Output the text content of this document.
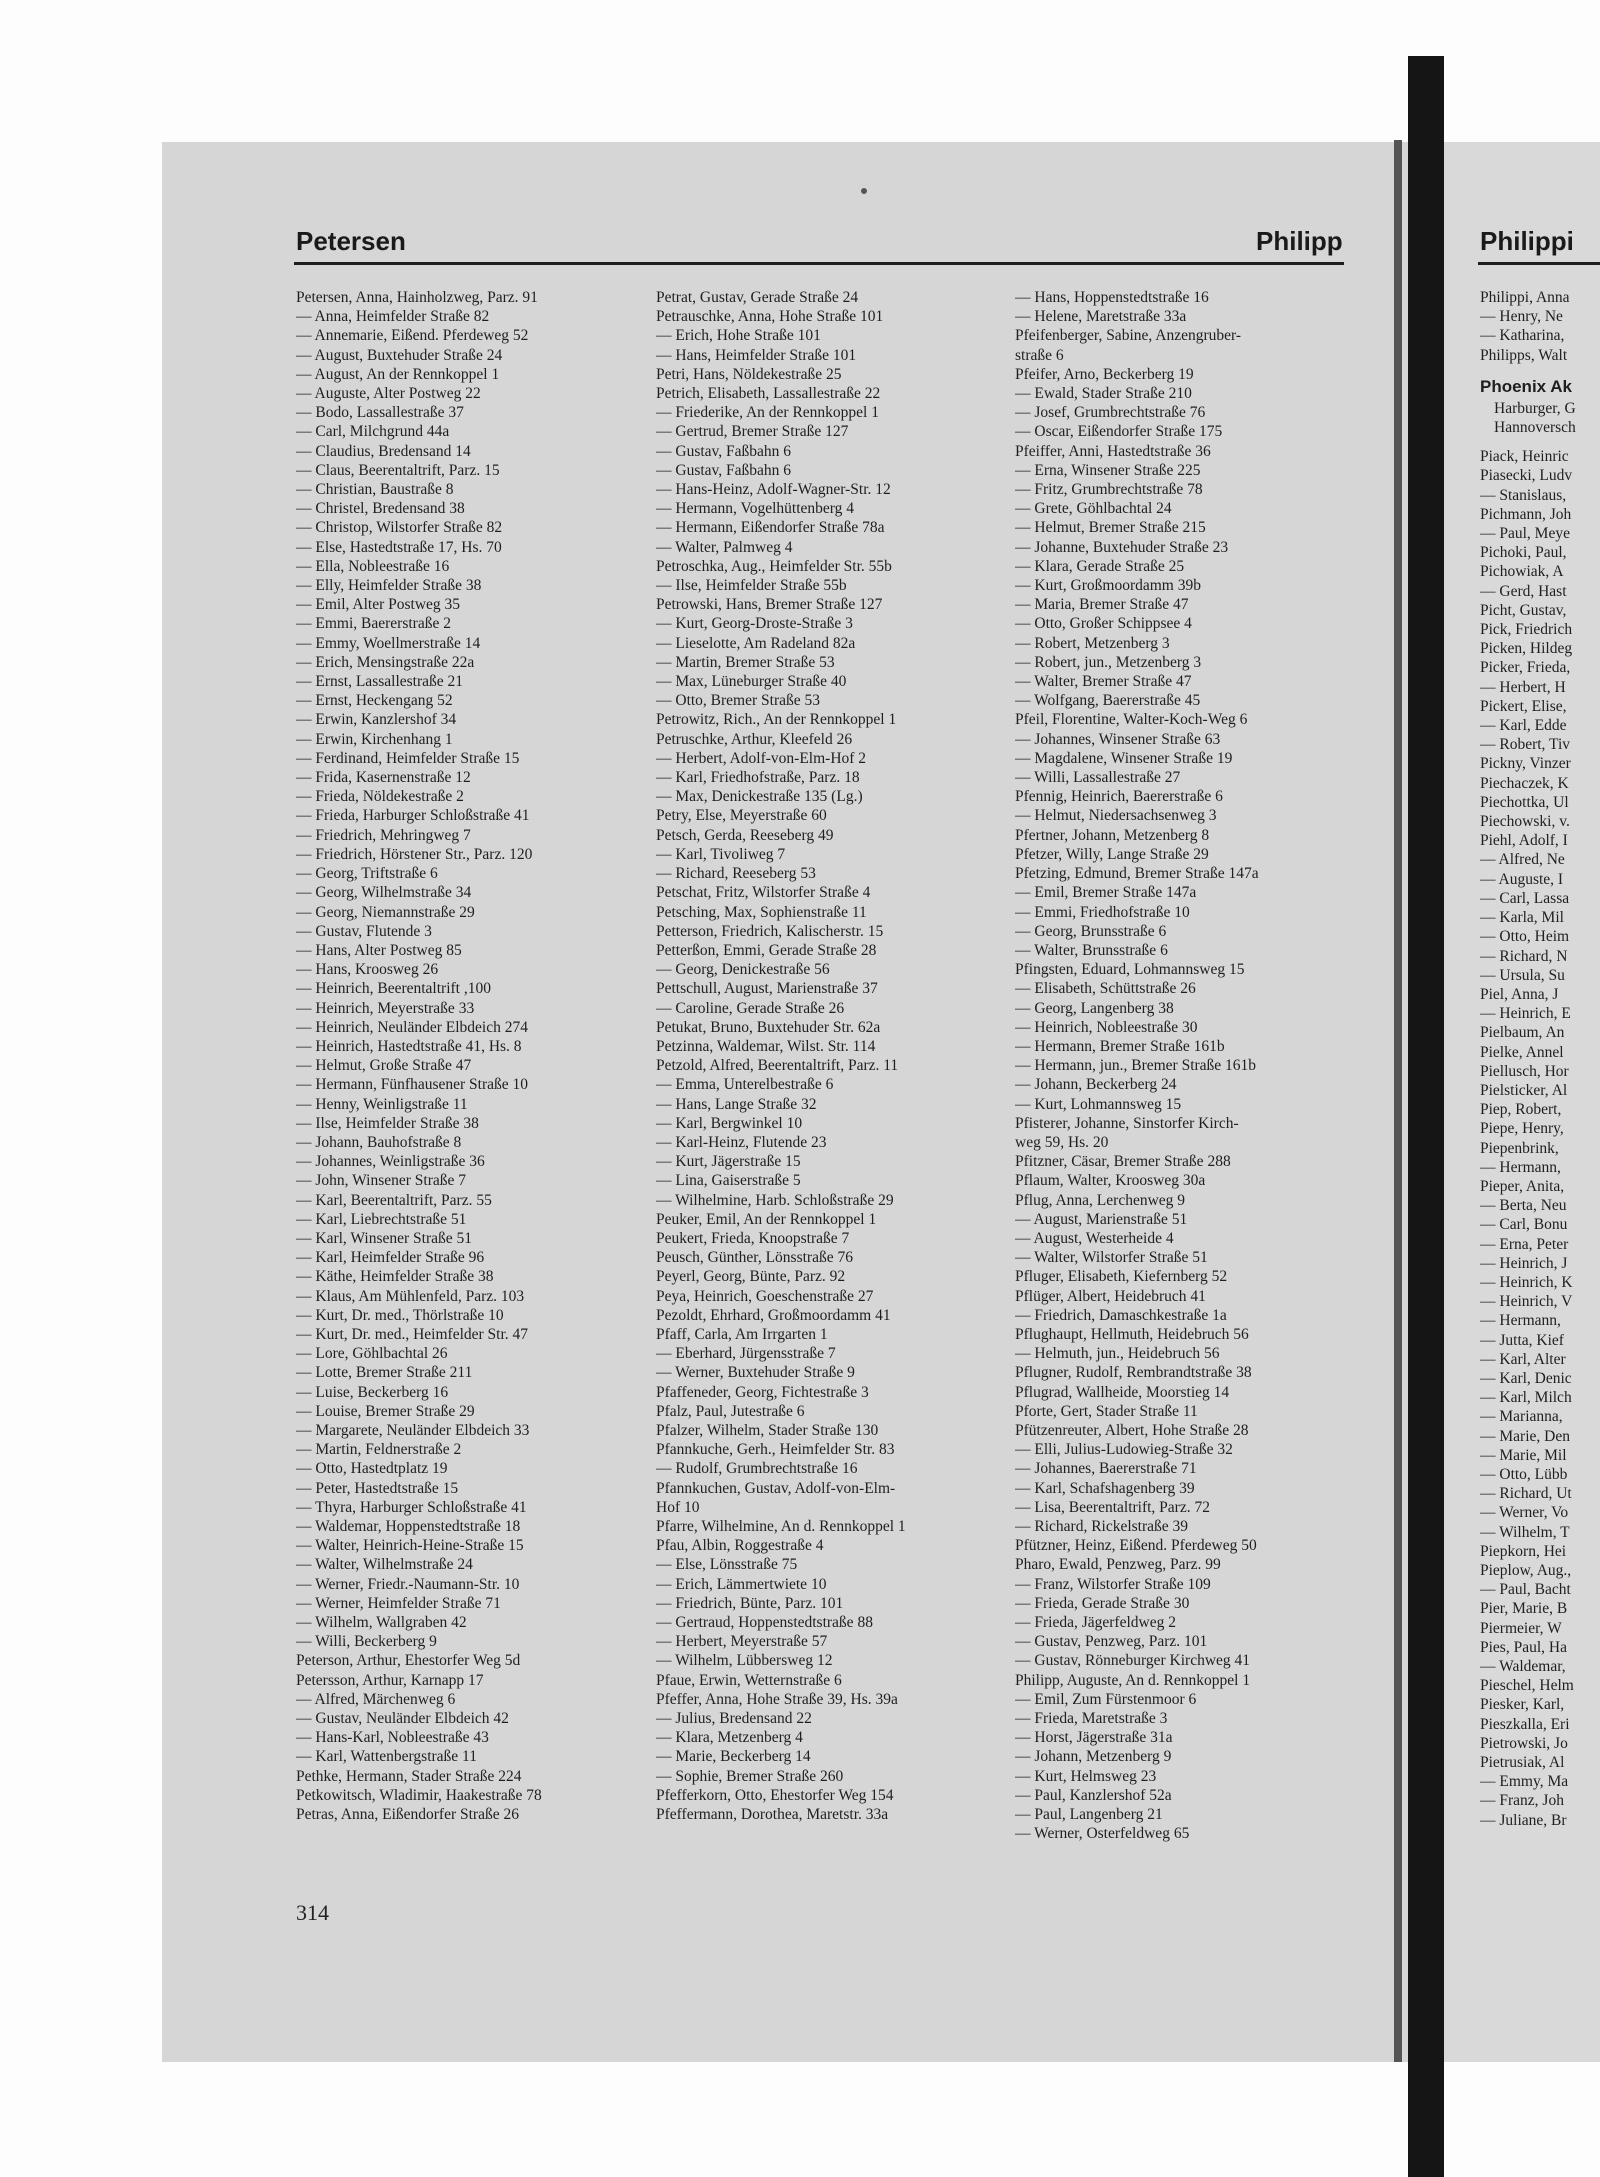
Petersen	Philipp	Philippi
Petersen, Anna, Hainholzweg, Parz. 91
— Anna, Heimfelder Straße 82
— Annemarie, Eißend. Pferdeweg 52
— August, Buxtehuder Straße 24
— August, An der Rennkoppel 1
— Auguste, Alter Postweg 22
— Bodo, Lassallestraße 37
— Carl, Milchgrund 44a
— Claudius, Bredensand 14
— Claus, Beerentaltrift, Parz. 15
— Christian, Baustraße 8
— Christel, Bredensand 38
— Christop, Wilstorfer Straße 82
— Else, Hastedtstraße 17, Hs. 70
— Ella, Nobleestraße 16
— Elly, Heimfelder Straße 38
— Emil, Alter Postweg 35
— Emmi, Baererstraße 2
— Emmy, Woellmerstraße 14
— Erich, Mensingstraße 22a
— Ernst, Lassallestraße 21
— Ernst, Heckengang 52
— Erwin, Kanzlershof 34
— Erwin, Kirchenhang 1
— Ferdinand, Heimfelder Straße 15
— Frida, Kasernenstraße 12
— Frieda, Nöldekestraße 2
— Frieda, Harburger Schloßstraße 41
— Friedrich, Mehringweg 7
— Friedrich, Hörstener Str., Parz. 120
— Georg, Triftstraße 6
— Georg, Wilhelmstraße 34
— Georg, Niemannstraße 29
— Gustav, Flutende 3
— Hans, Alter Postweg 85
— Hans, Kroosweg 26
— Heinrich, Beerentaltrift ,100
— Heinrich, Meyerstraße 33
— Heinrich, Neuländer Elbdeich 274
— Heinrich, Hastedtstraße 41, Hs. 8
— Helmut, Große Straße 47
— Hermann, Fünfhausener Straße 10
— Henny, Weinligstraße 11
— Ilse, Heimfelder Straße 38
— Johann, Bauhofstraße 8
— Johannes, Weinligstraße 36
— John, Winsener Straße 7
— Karl, Beerentaltrift, Parz. 55
— Karl, Liebrechtstraße 51
— Karl, Winsener Straße 51
— Karl, Heimfelder Straße 96
— Käthe, Heimfelder Straße 38
— Klaus, Am Mühlenfeld, Parz. 103
— Kurt, Dr. med., Thörlstraße 10
— Kurt, Dr. med., Heimfelder Str. 47
— Lore, Göhlbachtal 26
— Lotte, Bremer Straße 211
— Luise, Beckerberg 16
— Louise, Bremer Straße 29
— Margarete, Neuländer Elbdeich 33
— Martin, Feldnerstraße 2
— Otto, Hastedtplatz 19
— Peter, Hastedtstraße 15
— Thyra, Harburger Schloßstraße 41
— Waldemar, Hoppenstedtstraße 18
— Walter, Heinrich-Heine-Straße 15
— Walter, Wilhelmstraße 24
— Werner, Friedr.-Naumann-Str. 10
— Werner, Heimfelder Straße 71
— Wilhelm, Wallgraben 42
— Willi, Beckerberg 9
Peterson, Arthur, Ehestorfer Weg 5d
Petersson, Arthur, Karnapp 17
— Alfred, Märchenweg 6
— Gustav, Neuländer Elbdeich 42
— Hans-Karl, Nobleestraße 43
— Karl, Wattenbergstraße 11
Pethke, Hermann, Stader Straße 224
Petkowitsch, Wladimir, Haakestraße 78
Petras, Anna, Eißendorfer Straße 26
Petrat, Gustav, Gerade Straße 24
Petrauschke, Anna, Hohe Straße 101
— Erich, Hohe Straße 101
— Hans, Heimfelder Straße 101
Petri, Hans, Nöldekestraße 25
Petrich, Elisabeth, Lassallestraße 22
— Friederike, An der Rennkoppel 1
— Gertrud, Bremer Straße 127
— Gustav, Faßbahn 6
— Gustav, Faßbahn 6
— Hans-Heinz, Adolf-Wagner-Str. 12
— Hermann, Vogelhüttenberg 4
— Hermann, Eißendorfer Straße 78a
— Walter, Palmweg 4
Petroschka, Aug., Heimfelder Str. 55b
— Ilse, Heimfelder Straße 55b
Petrowski, Hans, Bremer Straße 127
— Kurt, Georg-Droste-Straße 3
— Lieselotte, Am Radeland 82a
— Martin, Bremer Straße 53
— Max, Lüneburger Straße 40
— Otto, Bremer Straße 53
Petrowitz, Rich., An der Rennkoppel 1
Petruschke, Arthur, Kleefeld 26
— Herbert, Adolf-von-Elm-Hof 2
— Karl, Friedhofstraße, Parz. 18
— Max, Denickestraße 135 (Lg.)
Petry, Else, Meyerstraße 60
Petsch, Gerda, Reeseberg 49
— Karl, Tivoliweg 7
— Richard, Reeseberg 53
Petschat, Fritz, Wilstorfer Straße 4
Petsching, Max, Sophienstraße 11
Petterson, Friedrich, Kalischerstr. 15
Petterßon, Emmi, Gerade Straße 28
— Georg, Denickestraße 56
Pettschull, August, Marienstraße 37
— Caroline, Gerade Straße 26
Petukat, Bruno, Buxtehuder Str. 62a
Petzinna, Waldemar, Wilst. Str. 114
Petzold, Alfred, Beerentaltrift, Parz. 11
— Emma, Unterelbestraße 6
— Hans, Lange Straße 32
— Karl, Bergwinkel 10
— Karl-Heinz, Flutende 23
— Kurt, Jägerstraße 15
— Lina, Gaiserstraße 5
— Wilhelmine, Harb. Schloßstraße 29
Peuker, Emil, An der Rennkoppel 1
Peukert, Frieda, Knoopstraße 7
Peusch, Günther, Lönsstraße 76
Peyerl, Georg, Bünte, Parz. 92
Peya, Heinrich, Goeschenstraße 27
Pezoldt, Ehrhard, Großmoordamm 41
Pfaff, Carla, Am Irrgarten 1
— Eberhard, Jürgensstraße 7
— Werner, Buxtehuder Straße 9
Pfaffeneder, Georg, Fichtestraße 3
Pfalz, Paul, Jutestraße 6
Pfalzer, Wilhelm, Stader Straße 130
Pfannkuche, Gerh., Heimfelder Str. 83
— Rudolf, Grumbrechtstraße 16
Pfannkuchen, Gustav, Adolf-von-Elm-
Hof 10
Pfarre, Wilhelmine, An d. Rennkoppel 1
Pfau, Albin, Roggestraße 4
— Else, Lönsstraße 75
— Erich, Lämmertwiete 10
— Friedrich, Bünte, Parz. 101
— Gertraud, Hoppenstedtstraße 88
— Herbert, Meyerstraße 57
— Wilhelm, Lübbersweg 12
Pfaue, Erwin, Wetternstraße 6
Pfeffer, Anna, Hohe Straße 39, Hs. 39a
— Julius, Bredensand 22
— Klara, Metzenberg 4
— Marie, Beckerberg 14
— Sophie, Bremer Straße 260
Pfefferkorn, Otto, Ehestorfer Weg 154
Pfeffermann, Dorothea, Maretstr. 33a
— Hans, Hoppenstedtstraße 16
— Helene, Maretstraße 33a
Pfeifenberger, Sabine, Anzengruber-
straße 6
Pfeifer, Arno, Beckerberg 19
— Ewald, Stader Straße 210
— Josef, Grumbrechtstraße 76
— Oscar, Eißendorfer Straße 175
Pfeiffer, Anni, Hastedtstraße 36
— Erna, Winsener Straße 225
— Fritz, Grumbrechtstraße 78
— Grete, Göhlbachtal 24
— Helmut, Bremer Straße 215
— Johanne, Buxtehuder Straße 23
— Klara, Gerade Straße 25
— Kurt, Großmoordamm 39b
— Maria, Bremer Straße 47
— Otto, Großer Schippsee 4
— Robert, Metzenberg 3
— Robert, jun., Metzenberg 3
— Walter, Bremer Straße 47
— Wolfgang, Baererstraße 45
Pfeil, Florentine, Walter-Koch-Weg 6
— Johannes, Winsener Straße 63
— Magdalene, Winsener Straße 19
— Willi, Lassallestraße 27
Pfennig, Heinrich, Baererstraße 6
— Helmut, Niedersachsenweg 3
Pfertner, Johann, Metzenberg 8
Pfetzer, Willy, Lange Straße 29
Pfetzing, Edmund, Bremer Straße 147a
— Emil, Bremer Straße 147a
— Emmi, Friedhofstraße 10
— Georg, Brunsstraße 6
— Walter, Brunsstraße 6
Pfingsten, Eduard, Lohmannsweg 15
— Elisabeth, Schüttstraße 26
— Georg, Langenberg 38
— Heinrich, Nobleestraße 30
— Hermann, Bremer Straße 161b
— Hermann, jun., Bremer Straße 161b
— Johann, Beckerberg 24
— Kurt, Lohmannsweg 15
Pfisterer, Johanne, Sinstorfer Kirch-
weg 59, Hs. 20
Pfitzner, Cäsar, Bremer Straße 288
Pflaum, Walter, Kroosweg 30a
Pflug, Anna, Lerchenweg 9
— August, Marienstraße 51
— August, Westerheide 4
— Walter, Wilstorfer Straße 51
Pfluger, Elisabeth, Kiefernberg 52
Pflüger, Albert, Heidebruch 41
— Friedrich, Damaschkestraße 1a
Pflughaupt, Hellmuth, Heidebruch 56
— Helmuth, jun., Heidebruch 56
Pflugner, Rudolf, Rembrandtstraße 38
Pflugrad, Wallheide, Moorstieg 14
Pforte, Gert, Stader Straße 11
Pfützenreuter, Albert, Hohe Straße 28
— Elli, Julius-Ludowieg-Straße 32
— Johannes, Baererstraße 71
— Karl, Schafshagenberg 39
— Lisa, Beerentaltrift, Parz. 72
— Richard, Rickelstraße 39
Pfützner, Heinz, Eißend. Pferdeweg 50
Pharo, Ewald, Penzweg, Parz. 99
— Franz, Wilstorfer Straße 109
— Frieda, Gerade Straße 30
— Frieda, Jägerfeldweg 2
— Gustav, Penzweg, Parz. 101
— Gustav, Rönneburger Kirchweg 41
Philipp, Auguste, An d. Rennkoppel 1
— Emil, Zum Fürstenmoor 6
— Frieda, Maretstraße 3
— Horst, Jägerstraße 31a
— Johann, Metzenberg 9
— Kurt, Helmsweg 23
— Paul, Kanzlershof 52a
— Paul, Langenberg 21
— Werner, Osterfeldweg 65
Philippi, Anna
— Henry, Ne
— Katharina,
Philipps, Walt
Phoenix Ak
Harburger, G
Hannoversch
Piack, Heinric
Piasecki, Ludv
— Stanislaus,
Pichmann, Joh
— Paul, Meye
Pichoki, Paul,
Pichowiak, A
— Gerd, Hast
Picht, Gustav,
Pick, Friedrich
Picken, Hildeg
Picker, Frieda,
— Herbert, H
Pickert, Elise,
— Karl, Edde
— Robert, Tiv
Pickny, Vinzer
Piechaczek, K
Piechottka, Ul
Piechowski, v.
Piehl, Adolf, I
— Alfred, Ne
— Auguste, I
— Carl, Lassa
— Karla, Mil
— Otto, Heim
— Richard, N
— Ursula, Su
Piel, Anna, J
— Heinrich, E
Pielbaum, An
Pielke, Annel
Piellusch, Hor
Pielsticker, Al
Piep, Robert,
Piepe, Henry,
Piepenbrink,
— Hermann,
Pieper, Anita,
— Berta, Neu
— Carl, Bonu
— Erna, Peter
— Heinrich, J
— Heinrich, K
— Heinrich, V
— Hermann,
— Jutta, Kief
— Karl, Alter
— Karl, Denic
— Karl, Milch
— Marianna,
— Marie, Den
— Marie, Mil
— Otto, Lübb
— Richard, Ut
— Werner, Vo
— Wilhelm, T
Piepkorn, Hei
Pieplow, Aug.,
— Paul, Bacht
Pier, Marie, B
Piermeier, W
Pies, Paul, Ha
— Waldemar,
Pieschel, Helm
Piesker, Karl,
Pieszkalla, Eri
Pietrowski, Jo
Pietrusiak, Al
— Emmy, Ma
— Franz, Joh
— Juliane, Br
314
